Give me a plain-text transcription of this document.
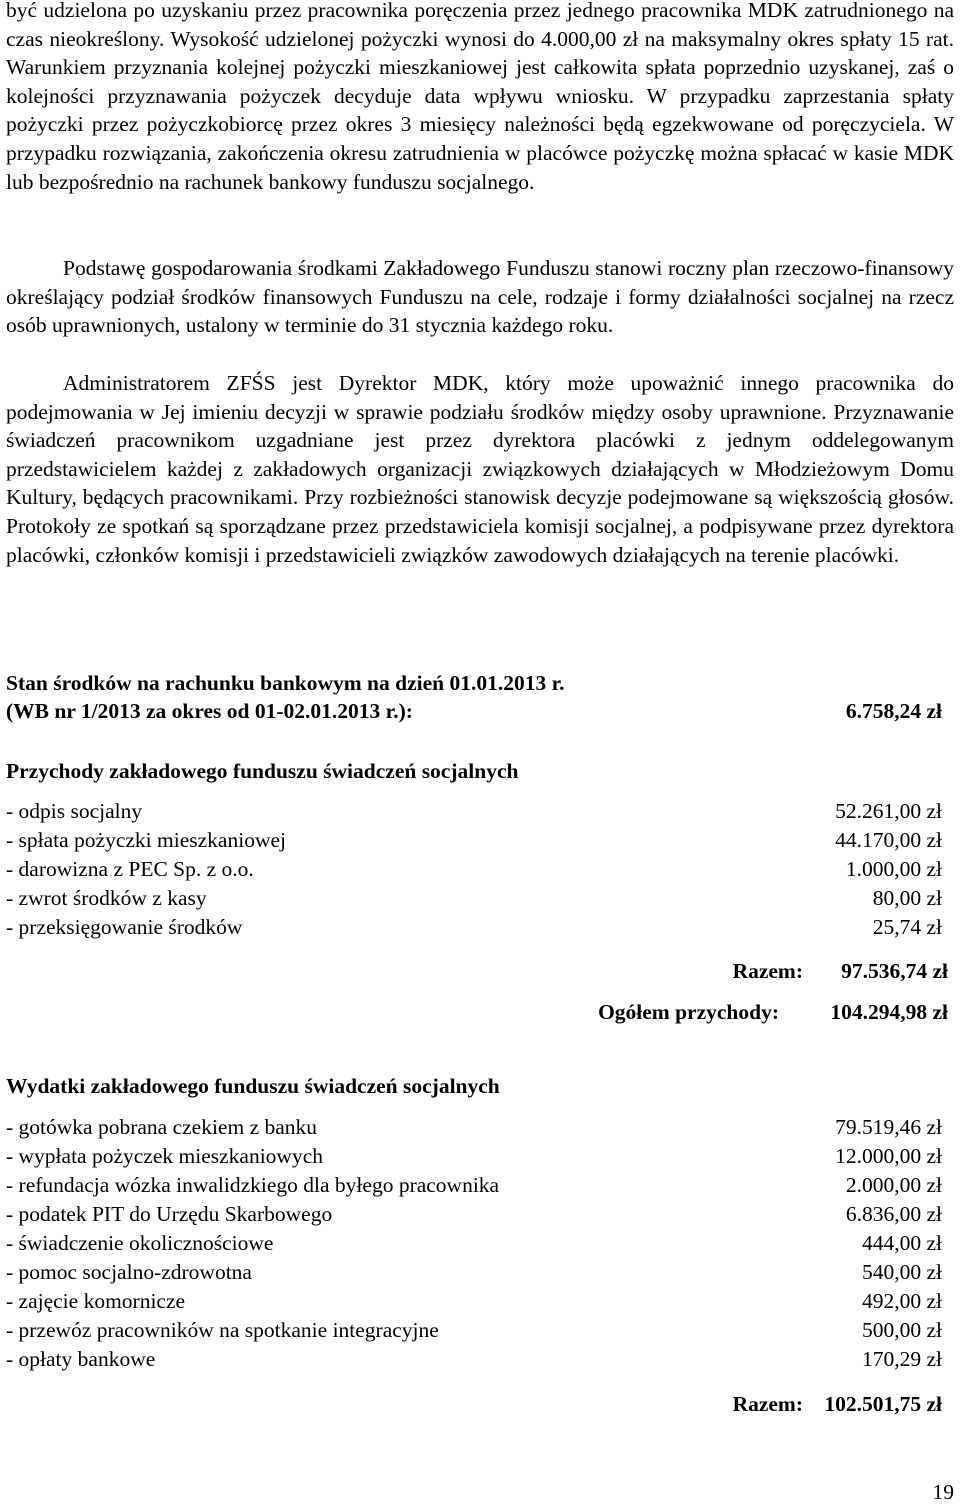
być udzielona po uzyskaniu przez pracownika poręczenia przez jednego pracownika MDK zatrudnionego na czas nieokreślony. Wysokość udzielonej pożyczki wynosi do 4.000,00 zł na maksymalny okres spłaty 15 rat. Warunkiem przyznania kolejnej pożyczki mieszkaniowej jest całkowita spłata poprzednio uzyskanej, zaś o kolejności przyznawania pożyczek decyduje data wpływu wniosku. W przypadku zaprzestania spłaty pożyczki przez pożyczkobiorcę przez okres 3 miesięcy należności będą egzekwowane od poręczyciela. W przypadku rozwiązania, zakończenia okresu zatrudnienia w placówce pożyczkę można spłacać w kasie MDK lub bezpośrednio na rachunek bankowy funduszu socjalnego.

Podstawę gospodarowania środkami Zakładowego Funduszu stanowi roczny plan rzeczowo-finansowy określający podział środków finansowych Funduszu na cele, rodzaje i formy działalności socjalnej na rzecz osób uprawnionych, ustalony w terminie do 31 stycznia każdego roku.

Administratorem ZFŚS jest Dyrektor MDK, który może upoważnić innego pracownika do podejmowania w Jej imieniu decyzji w sprawie podziału środków między osoby uprawnione. Przyznawanie świadczeń pracownikom uzgadniane jest przez dyrektora placówki z jednym oddelegowanym przedstawicielem każdej z zakładowych organizacji związkowych działających w Młodzieżowym Domu Kultury, będących pracownikami. Przy rozbieżności stanowisk decyzje podejmowane są większością głosów. Protokoły ze spotkań są sporządzane przez przedstawiciela komisji socjalnej, a podpisywane przez dyrektora placówki, członków komisji i przedstawicieli związków zawodowych działających na terenie placówki.

Stan środków na rachunku bankowym na dzień 01.01.2013 r.
(WB nr 1/2013 za okres od 01-02.01.2013 r.):	6.758,24 zł
Przychody zakładowego funduszu świadczeń socjalnych
- odpis socjalny	52.261,00 zł
- spłata pożyczki mieszkaniowej	44.170,00 zł
- darowizna z PEC Sp. z o.o.	1.000,00 zł
- zwrot środków z kasy	80,00 zł
- przeksięgowanie środków	25,74 zł
Razem: 97.536,74 zł
Ogółem przychody: 104.294,98 zł
Wydatki zakładowego funduszu świadczeń socjalnych
- gotówka pobrana czekiem z banku	79.519,46 zł
- wypłata pożyczek mieszkaniowych	12.000,00 zł
- refundacja wózka inwalidzkiego dla byłego pracownika	2.000,00 zł
- podatek PIT do Urzędu Skarbowego	6.836,00 zł
- świadczenie okolicznościowe	444,00 zł
- pomoc socjalno-zdrowotna	540,00 zł
- zajęcie komornicze	492,00 zł
- przewóz pracowników na spotkanie integracyjne	500,00 zł
- opłaty bankowe	170,29 zł
Razem: 102.501,75 zł
19
